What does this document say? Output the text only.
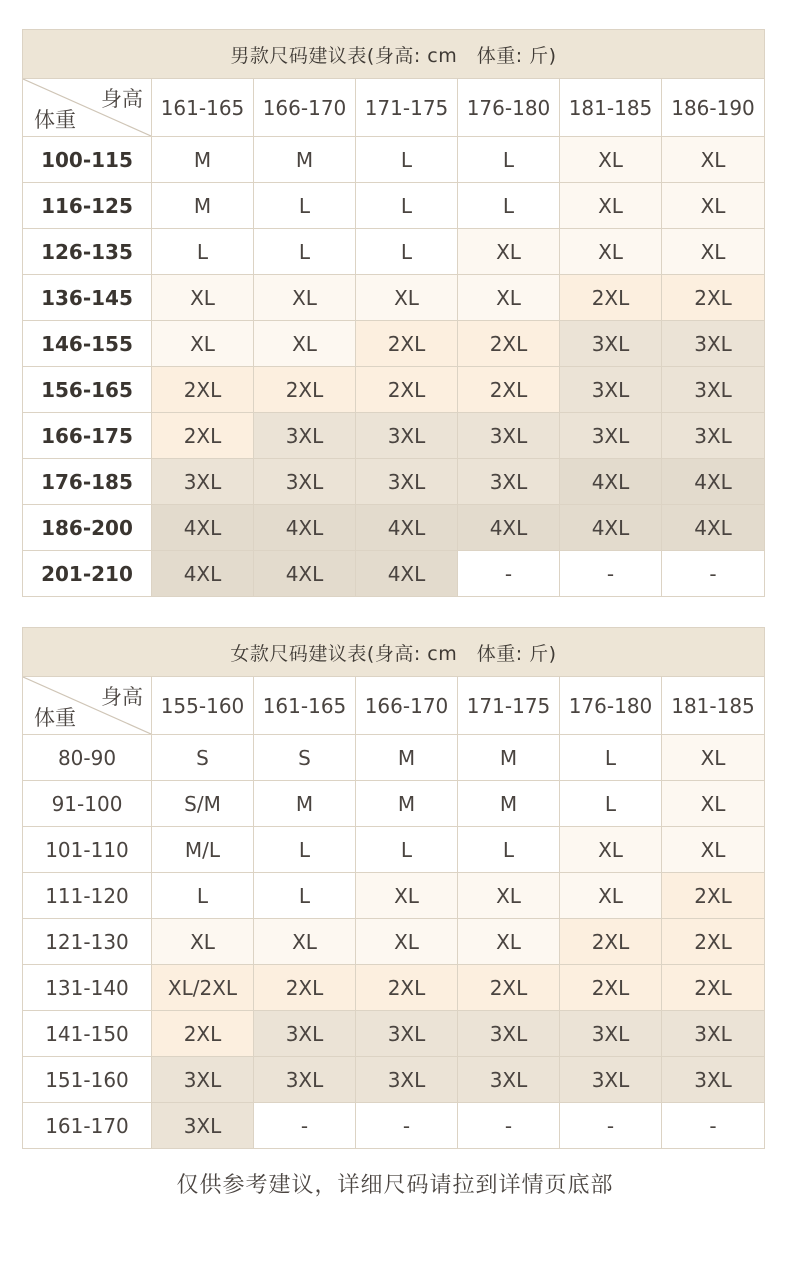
男款尺码建议表(身高: cm　体重: 斤)						

身高
体重	161-165	166-170	171-175	176-180	181-185	186-190
100-115	M	M	L	L	XL	XL
116-125	M	L	L	L	XL	XL
126-135	L	L	L	XL	XL	XL
136-145	XL	XL	XL	XL	2XL	2XL
146-155	XL	XL	2XL	2XL	3XL	3XL
156-165	2XL	2XL	2XL	2XL	3XL	3XL
166-175	2XL	3XL	3XL	3XL	3XL	3XL
176-185	3XL	3XL	3XL	3XL	4XL	4XL
186-200	4XL	4XL	4XL	4XL	4XL	4XL
201-210	4XL	4XL	4XL	-	-	-
女款尺码建议表(身高: cm　体重: 斤)						

身高
体重	155-160	161-165	166-170	171-175	176-180	181-185
80-90	S	S	M	M	L	XL
91-100	S/M	M	M	M	L	XL
101-110	M/L	L	L	L	XL	XL
111-120	L	L	XL	XL	XL	2XL
121-130	XL	XL	XL	XL	2XL	2XL
131-140	XL/2XL	2XL	2XL	2XL	2XL	2XL
141-150	2XL	3XL	3XL	3XL	3XL	3XL
151-160	3XL	3XL	3XL	3XL	3XL	3XL
161-170	3XL	-	-	-	-	-
仅供参考建议，详细尺码请拉到详情页底部
